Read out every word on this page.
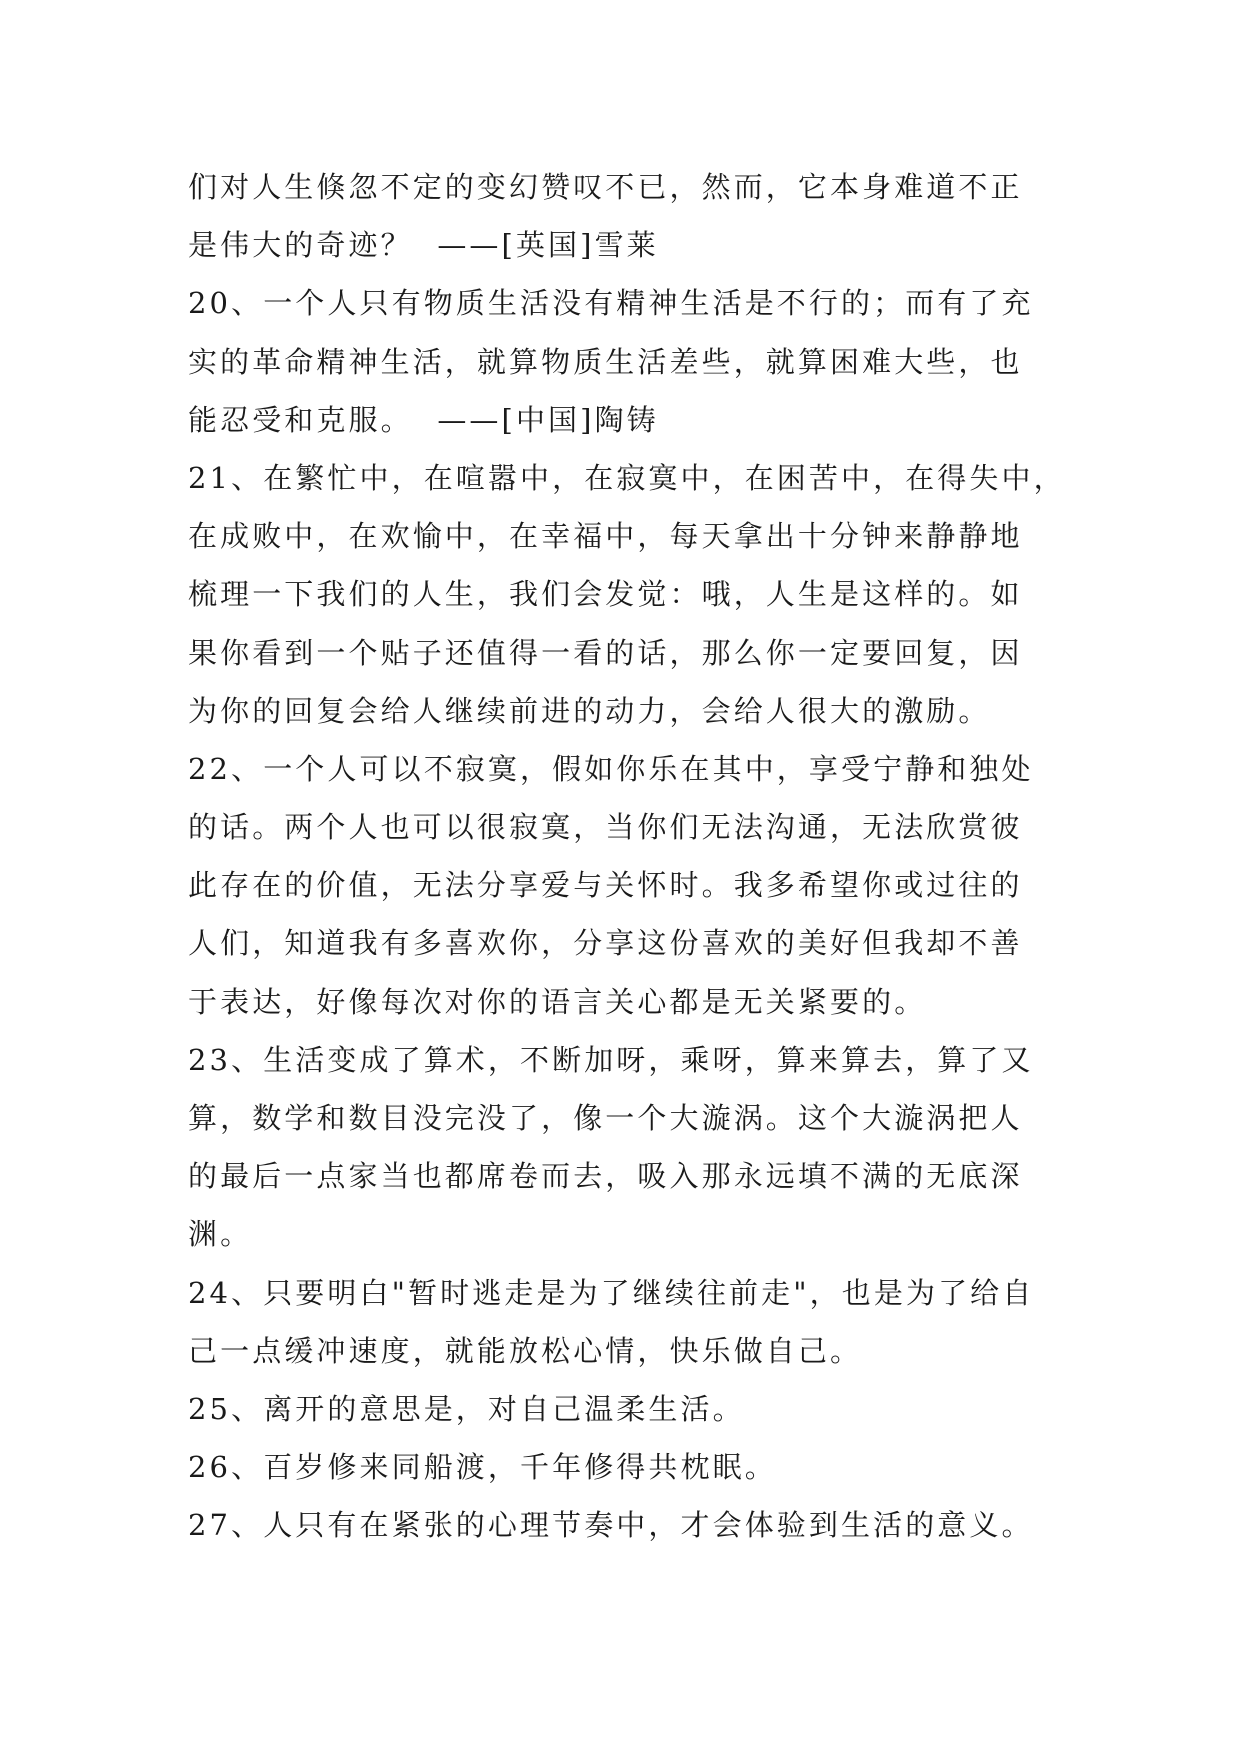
们对人生倏忽不定的变幻赞叹不已，然而，它本身难道不正
是伟大的奇迹？  ——[英国]雪莱
20、一个人只有物质生活没有精神生活是不行的；而有了充
实的革命精神生活，就算物质生活差些，就算困难大些，也
能忍受和克服。  ——[中国]陶铸
21、在繁忙中，在喧嚣中，在寂寞中，在困苦中，在得失中，
在成败中，在欢愉中，在幸福中，每天拿出十分钟来静静地
梳理一下我们的人生，我们会发觉：哦，人生是这样的。如
果你看到一个贴子还值得一看的话，那么你一定要回复，因
为你的回复会给人继续前进的动力，会给人很大的激励。
22、一个人可以不寂寞，假如你乐在其中，享受宁静和独处
的话。两个人也可以很寂寞，当你们无法沟通，无法欣赏彼
此存在的价值，无法分享爱与关怀时。我多希望你或过往的
人们，知道我有多喜欢你，分享这份喜欢的美好但我却不善
于表达，好像每次对你的语言关心都是无关紧要的。
23、生活变成了算术，不断加呀，乘呀，算来算去，算了又
算，数学和数目没完没了，像一个大漩涡。这个大漩涡把人
的最后一点家当也都席卷而去，吸入那永远填不满的无底深
渊。
24、只要明白"暂时逃走是为了继续往前走"，也是为了给自
己一点缓冲速度，就能放松心情，快乐做自己。
25、离开的意思是，对自己温柔生活。
26、百岁修来同船渡，千年修得共枕眠。
27、人只有在紧张的心理节奏中，才会体验到生活的意义。
